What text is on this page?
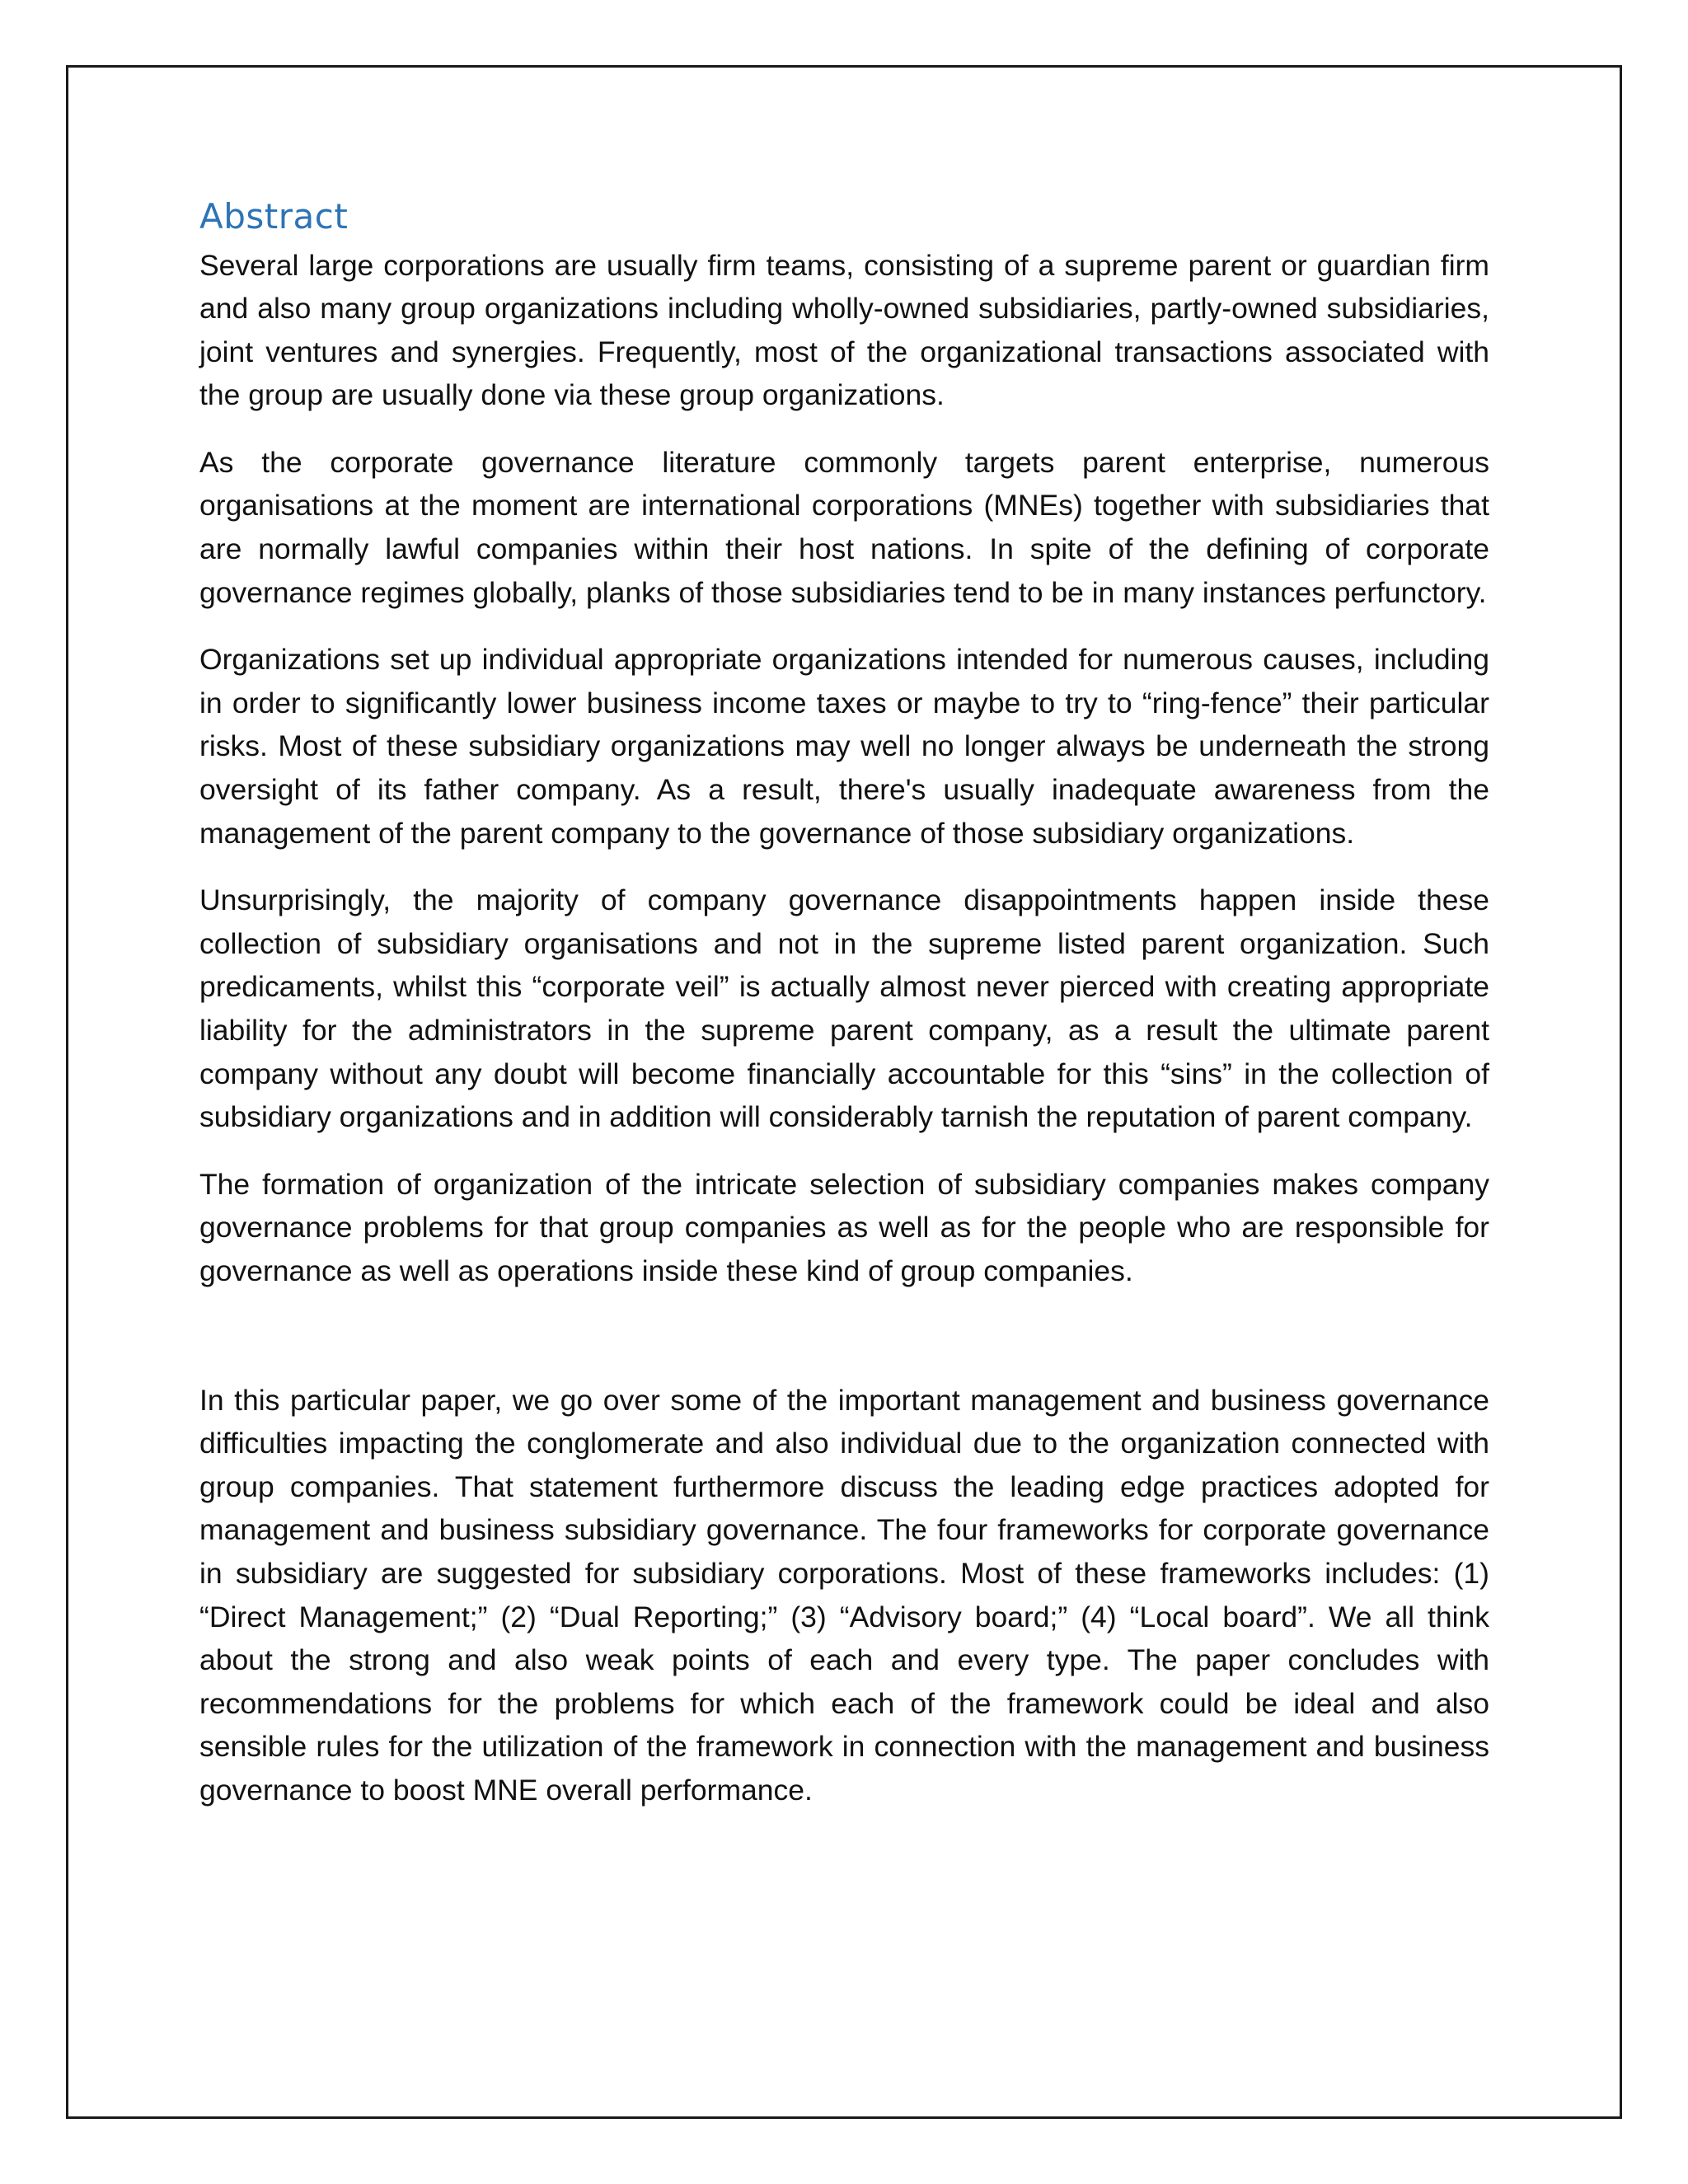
Abstract

Several large corporations are usually firm teams, consisting of a supreme parent or guardian firm and also many group organizations including wholly-owned subsidiaries, partly-owned subsidiaries, joint ventures and synergies. Frequently, most of the organizational transactions associated with the group are usually done via these group organizations.

As the corporate governance literature commonly targets parent enterprise, numerous organisations at the moment are international corporations (MNEs) together with subsidiaries that are normally lawful companies within their host nations. In spite of the defining of corporate governance regimes globally, planks of those subsidiaries tend to be in many instances perfunctory.

Organizations set up individual appropriate organizations intended for numerous causes, including in order to significantly lower business income taxes or maybe to try to “ring-fence” their particular risks. Most of these subsidiary organizations may well no longer always be underneath the strong oversight of its father company. As a result, there's usually inadequate awareness from the management of the parent company to the governance of those subsidiary organizations.

Unsurprisingly, the majority of company governance disappointments happen inside these collection of subsidiary organisations and not in the supreme listed parent organization. Such predicaments, whilst this “corporate veil” is actually almost never pierced with creating appropriate liability for the administrators in the supreme parent company, as a result the ultimate parent company without any doubt will become financially accountable for this “sins” in the collection of subsidiary organizations and in addition will considerably tarnish the reputation of parent company.

The formation of organization of the intricate selection of subsidiary companies makes company governance problems for that group companies as well as for the people who are responsible for governance as well as operations inside these kind of group companies.

In this particular paper, we go over some of the important management and business governance difficulties impacting the conglomerate and also individual due to the organization connected with group companies. That statement furthermore discuss the leading edge practices adopted for management and business subsidiary governance. The four frameworks for corporate governance in subsidiary are suggested for subsidiary corporations. Most of these frameworks includes: (1) “Direct Management;” (2) “Dual Reporting;” (3) “Advisory board;” (4) “Local board”. We all think about the strong and also weak points of each and every type. The paper concludes with recommendations for the problems for which each of the framework could be ideal and also sensible rules for the utilization of the framework in connection with the management and business governance to boost MNE overall performance.
